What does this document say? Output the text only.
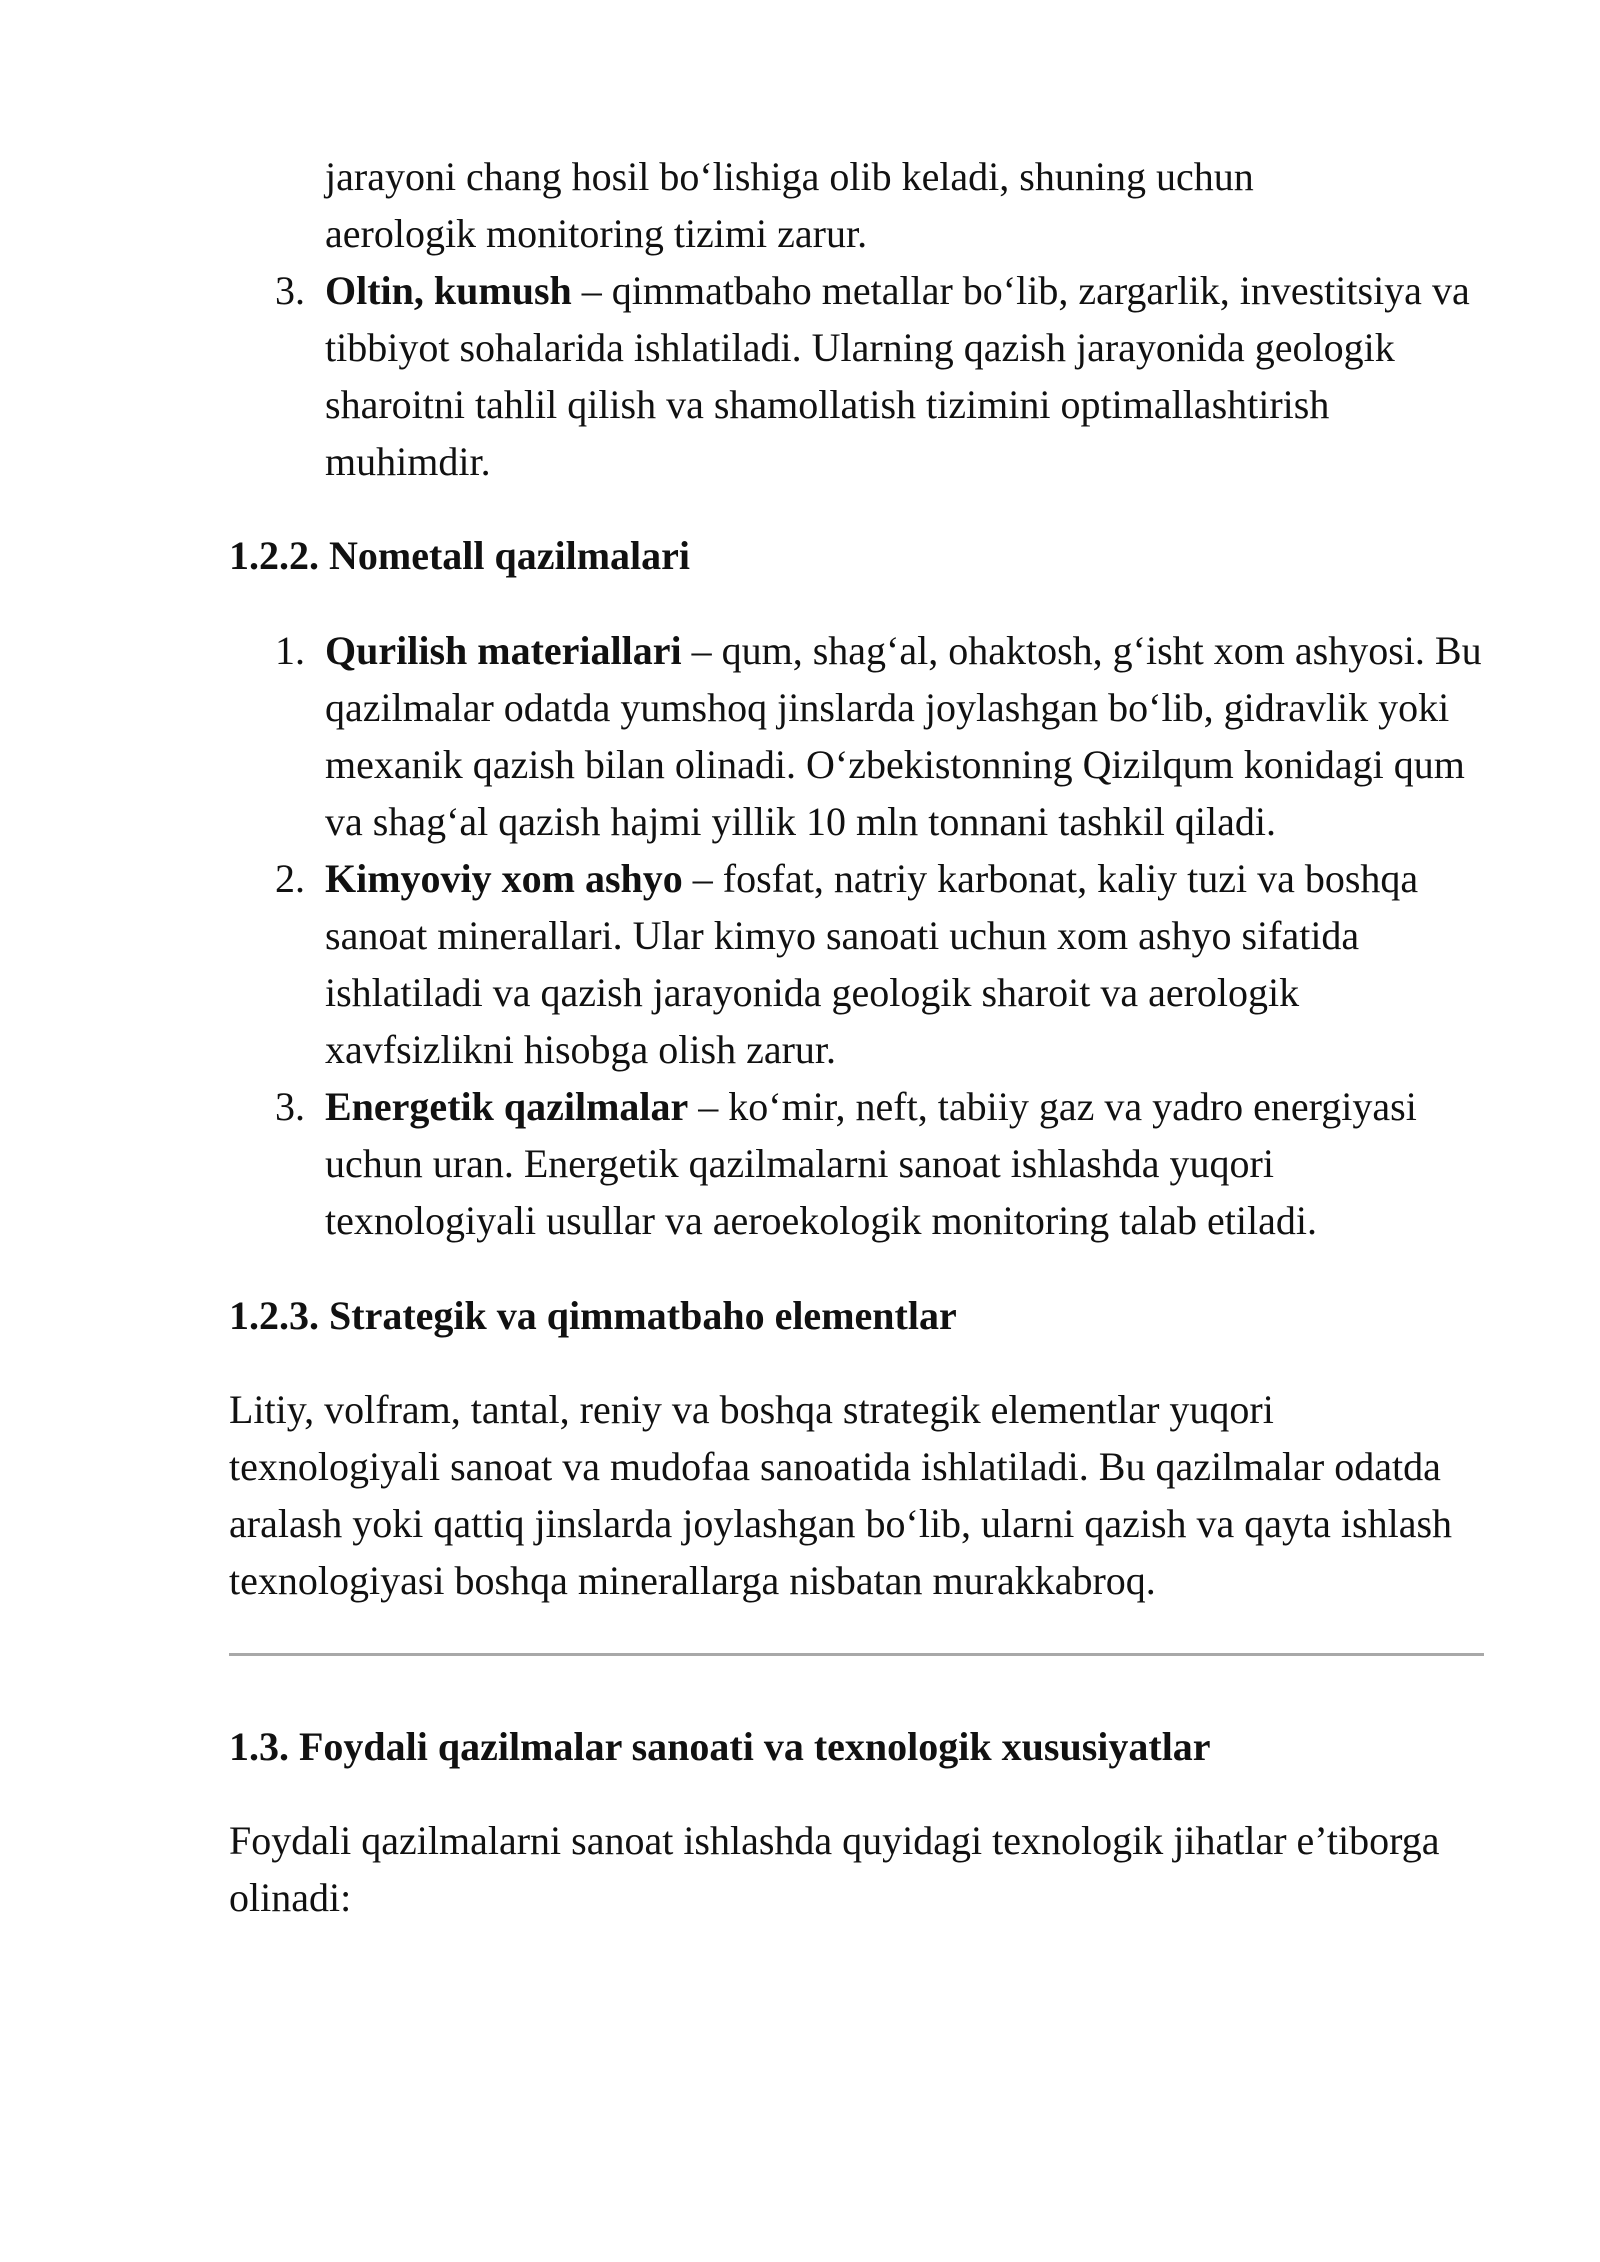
jarayoni chang hosil bo‘lishiga olib keladi, shuning uchun
aerologik monitoring tizimi zarur.
3. Oltin, kumush – qimmatbaho metallar bo‘lib, zargarlik, investitsiya va tibbiyot sohalarida ishlatiladi. Ularning qazish jarayonida geologik sharoitni tahlil qilish va shamollatish tizimini optimallashtirish muhimdir.
1.2.2. Nometall qazilmalari
1. Qurilish materiallari – qum, shag‘al, ohaktosh, g‘isht xom ashyosi. Bu qazilmalar odatda yumshoq jinslarda joylashgan bo‘lib, gidravlik yoki mexanik qazish bilan olinadi. O‘zbekistonning Qizilqum konidagi qum va shag‘al qazish hajmi yillik 10 mln tonnani tashkil qiladi.
2. Kimyoviy xom ashyo – fosfat, natriy karbonat, kaliy tuzi va boshqa sanoat minerallari. Ular kimyo sanoati uchun xom ashyo sifatida ishlatiladi va qazish jarayonida geologik sharoit va aerologik xavfsizlikni hisobga olish zarur.
3. Energetik qazilmalar – ko‘mir, neft, tabiiy gaz va yadro energiyasi uchun uran. Energetik qazilmalarni sanoat ishlashda yuqori texnologiyali usullar va aeroekologik monitoring talab etiladi.
1.2.3. Strategik va qimmatbaho elementlar

Litiy, volfram, tantal, reniy va boshqa strategik elementlar yuqori texnologiyali sanoat va mudofaa sanoatida ishlatiladi. Bu qazilmalar odatda aralash yoki qattiq jinslarda joylashgan bo‘lib, ularni qazish va qayta ishlash texnologiyasi boshqa minerallarga nisbatan murakkabroq.

1.3. Foydali qazilmalar sanoati va texnologik xususiyatlar

Foydali qazilmalarni sanoat ishlashda quyidagi texnologik jihatlar e’tiborga olinadi:
